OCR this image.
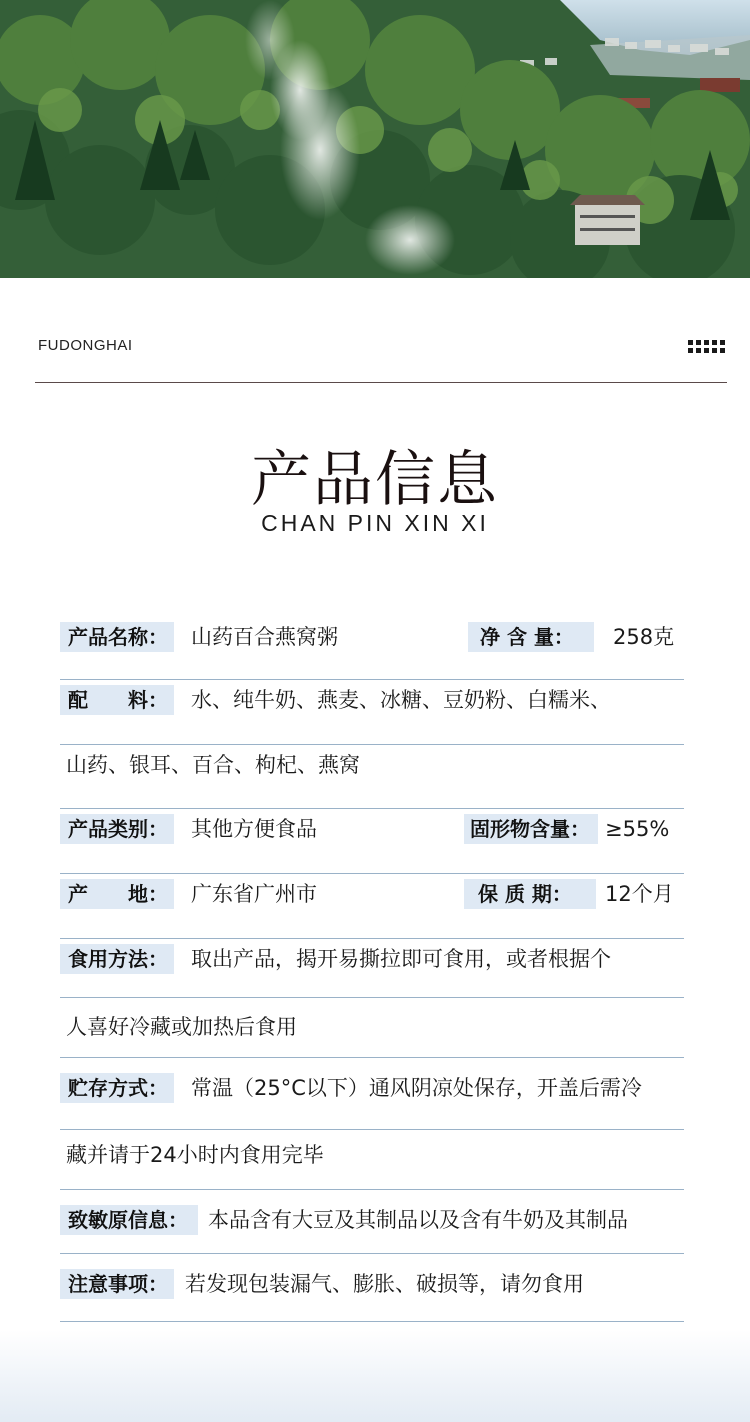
FUDONGHAI
产品信息
CHAN PIN XIN XI
产品名称： 山药百合燕窝粥	净 含 量：	258克
配　　料： 水、纯牛奶、燕麦、冰糖、豆奶粉、白糯米、
山药、银耳、百合、枸杞、燕窝
产品类别： 其他方便食品	固形物含量： ≥55%
产　　地： 广东省广州市	保 质 期：	12个月
食用方法： 取出产品，揭开易撕拉即可食用，或者根据个
人喜好冷藏或加热后食用
贮存方式： 常温（25°C以下）通风阴凉处保存，开盖后需冷
藏并请于24小时内食用完毕
致敏原信息： 本品含有大豆及其制品以及含有牛奶及其制品
注意事项： 若发现包装漏气、膨胀、破损等，请勿食用
